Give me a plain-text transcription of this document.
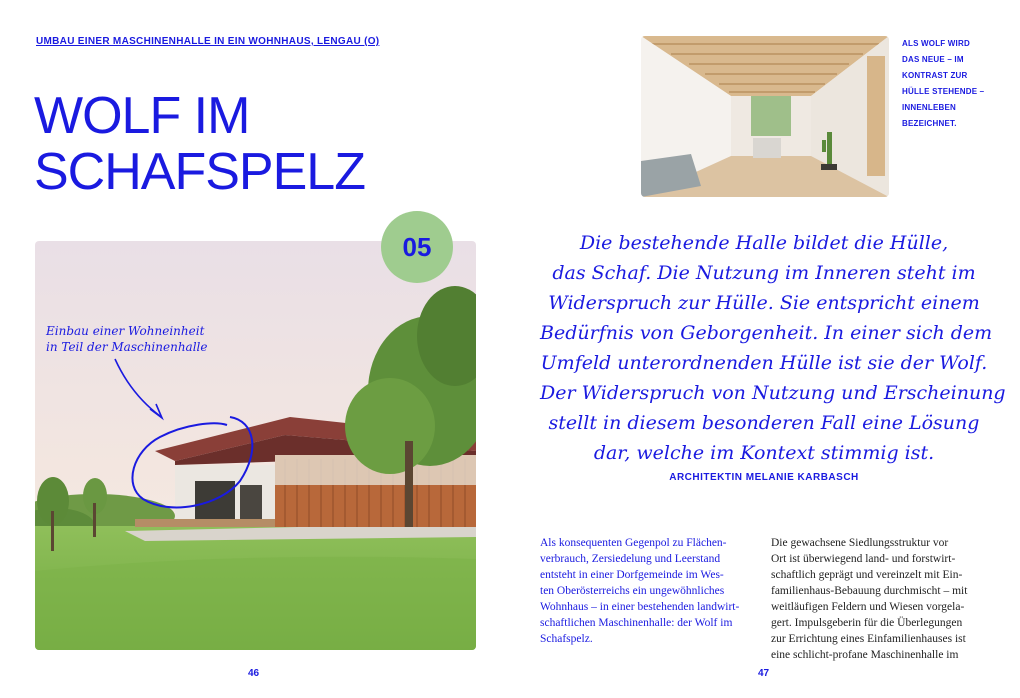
UMBAU EINER MASCHINENHALLE IN EIN WOHNHAUS, LENGAU (O)
WOLF IM
SCHAFSPELZ
05
Einbau einer Wohneinheit
in Teil der Maschinenhalle
46
ALS WOLF WIRD
DAS NEUE – IM
KONTRAST ZUR
HÜLLE STEHENDE –
INNENLEBEN
BEZEICHNET.
Die bestehende Halle bildet die Hülle,
das Schaf. Die Nutzung im Inneren steht im
Widerspruch zur Hülle. Sie entspricht einem
Bedürfnis von Geborgenheit. In einer sich dem
Umfeld unterordnenden Hülle ist sie der Wolf.
Der Widerspruch von Nutzung und Erscheinung
stellt in diesem besonderen Fall eine Lösung
dar, welche im Kontext stimmig ist.
ARCHITEKTIN MELANIE KARBASCH
Als konsequenten Gegenpol zu Flächen-
verbrauch, Zersiedelung und Leerstand
entsteht in einer Dorfgemeinde im Wes-
ten Oberösterreichs ein ungewöhnliches
Wohnhaus – in einer bestehenden landwirt-
schaftlichen Maschinenhalle: der Wolf im
Schafspelz.
Die gewachsene Siedlungsstruktur vor
Ort ist überwiegend land- und forstwirt-
schaftlich geprägt und vereinzelt mit Ein-
familienhaus-Bebauung durchmischt – mit
weitläufigen Feldern und Wiesen vorgela-
gert. Impulsgeberin für die Überlegungen
zur Errichtung eines Einfamilienhauses ist
eine schlicht-profane Maschinenhalle im
47
